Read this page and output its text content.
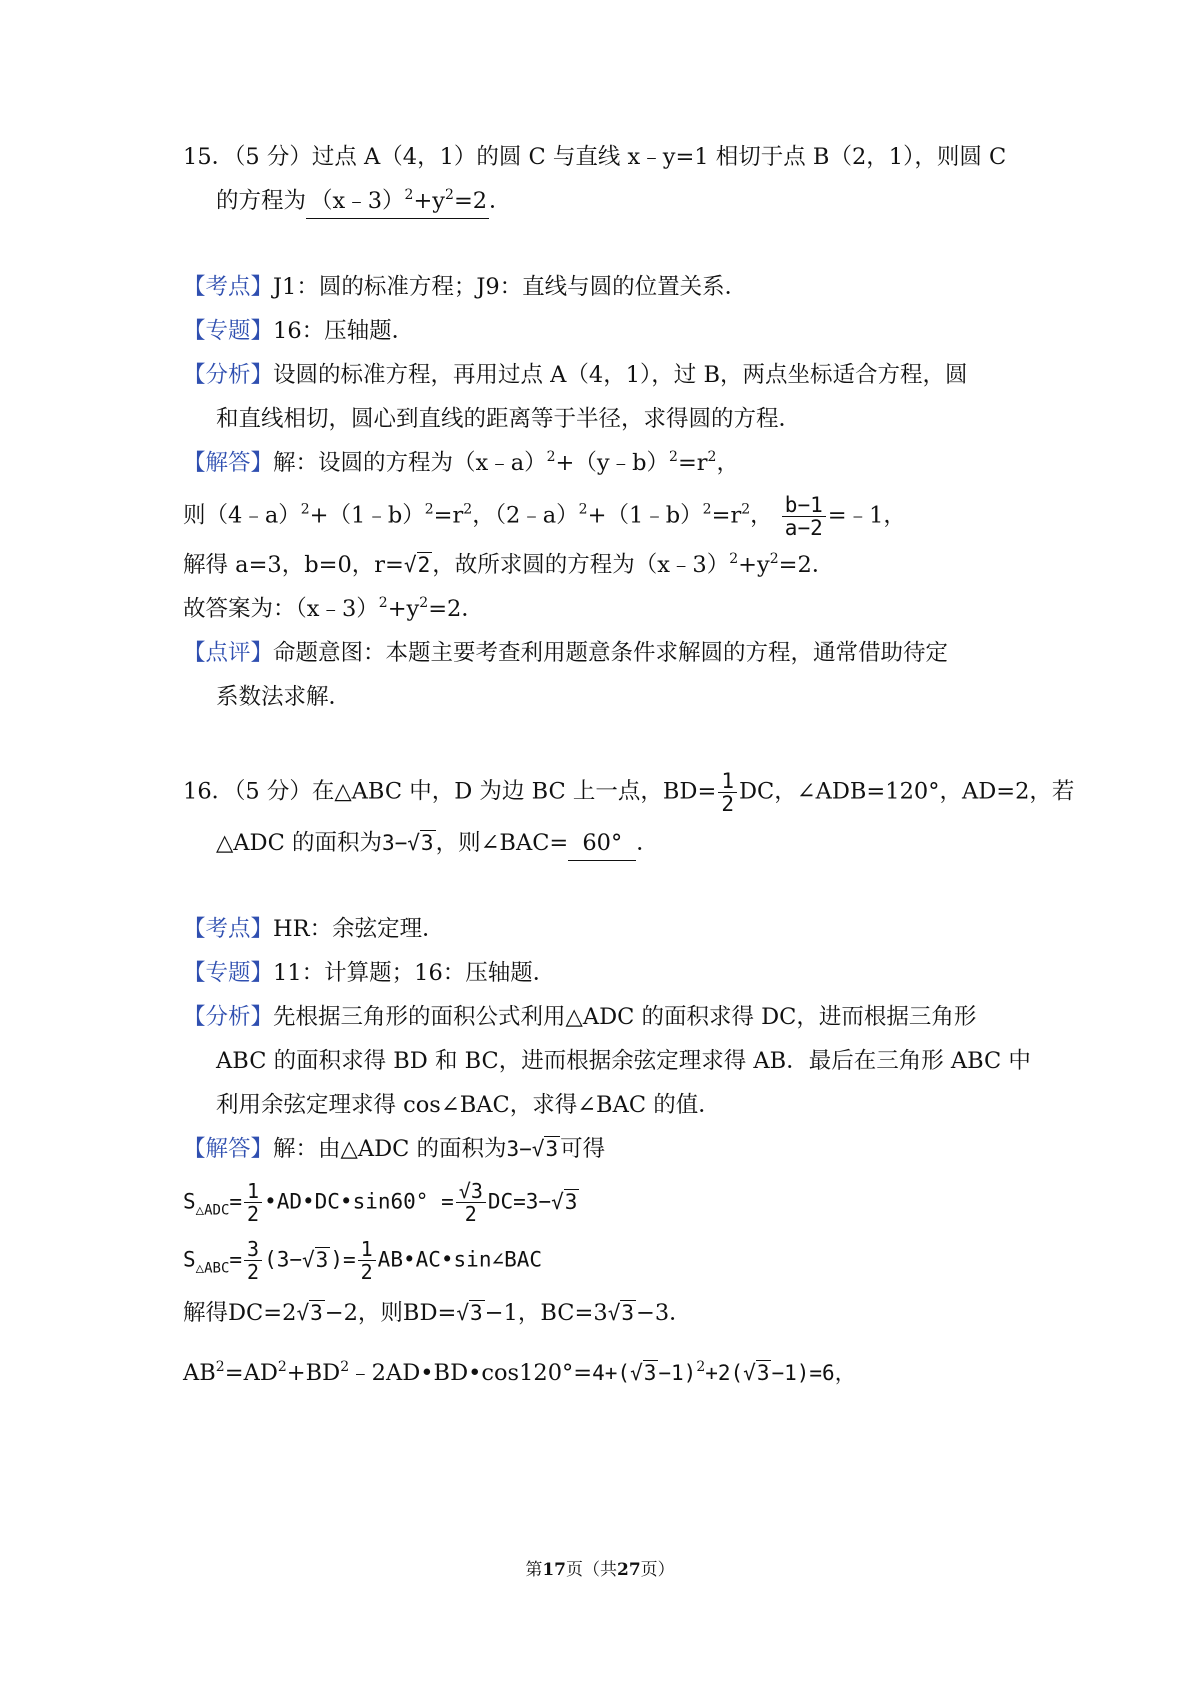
15．（5 分）过点 A（4，1）的圆 C 与直线 x﹣y=1 相切于点 B（2，1），则圆 C
的方程为 $(x﹣3)^2+y^2=2$．
【考点】J1：圆的标准方程；J9：直线与圆的位置关系．
【专题】16：压轴题．
【分析】设圆的标准方程，再用过点 A（4，1），过 B，两点坐标适合方程，圆
和直线相切，圆心到直线的距离等于半径，求得圆的方程．
【解答】解：设圆的方程为$(x﹣a)^2+(y﹣b)^2=r^2$，
则$(4﹣a)^2+(1﹣b)^2=r^2$，$(2﹣a)^2+(1﹣b)^2=r^2$， $\frac{b-1}{a-2}$ =﹣1，
解得 a=3，b=0，r=√2，故所求圆的方程为$(x﹣3)^2+y^2=2$．
故答案为：$(x﹣3)^2+y^2=2$．
【点评】命题意图：本题主要考查利用题意条件求解圆的方程，通常借助待定
系数法求解．
16．（5 分）在△ABC 中，D 为边 BC 上一点，$BD= \frac{1}{2}$ DC，∠ADB=120°，AD=2，若
△ADC 的面积为3−√3，则∠BAC= 60° ．
【考点】HR：余弦定理．
【专题】11：计算题；16：压轴题．
【分析】先根据三角形的面积公式利用△ADC 的面积求得 DC，进而根据三角形
ABC 的面积求得 BD 和 BC，进而根据余弦定理求得 AB．最后在三角形 ABC 中
利用余弦定理求得 cos∠BAC，求得∠BAC 的值．
【解答】解：由△ADC 的面积为3−√3可得
$S_{\triangle ADC}= \frac{1}{2}$ •AD•DC•sin60° = $\frac{√3}{2} DC=3-√3$
$S_{\triangle ABC}= \frac{3}{2} (3-√3)= \frac{1}{2}$ AB•AC•sin∠BAC
解得DC=2√3−2，则BD=√3−1，BC=3√3−3．
$AB^2=AD^2+BD^2﹣2AD•BD•\cos 120^\circ=4+(√3-1)^2+2(√3-1)=6$，
第17页（共27页）
